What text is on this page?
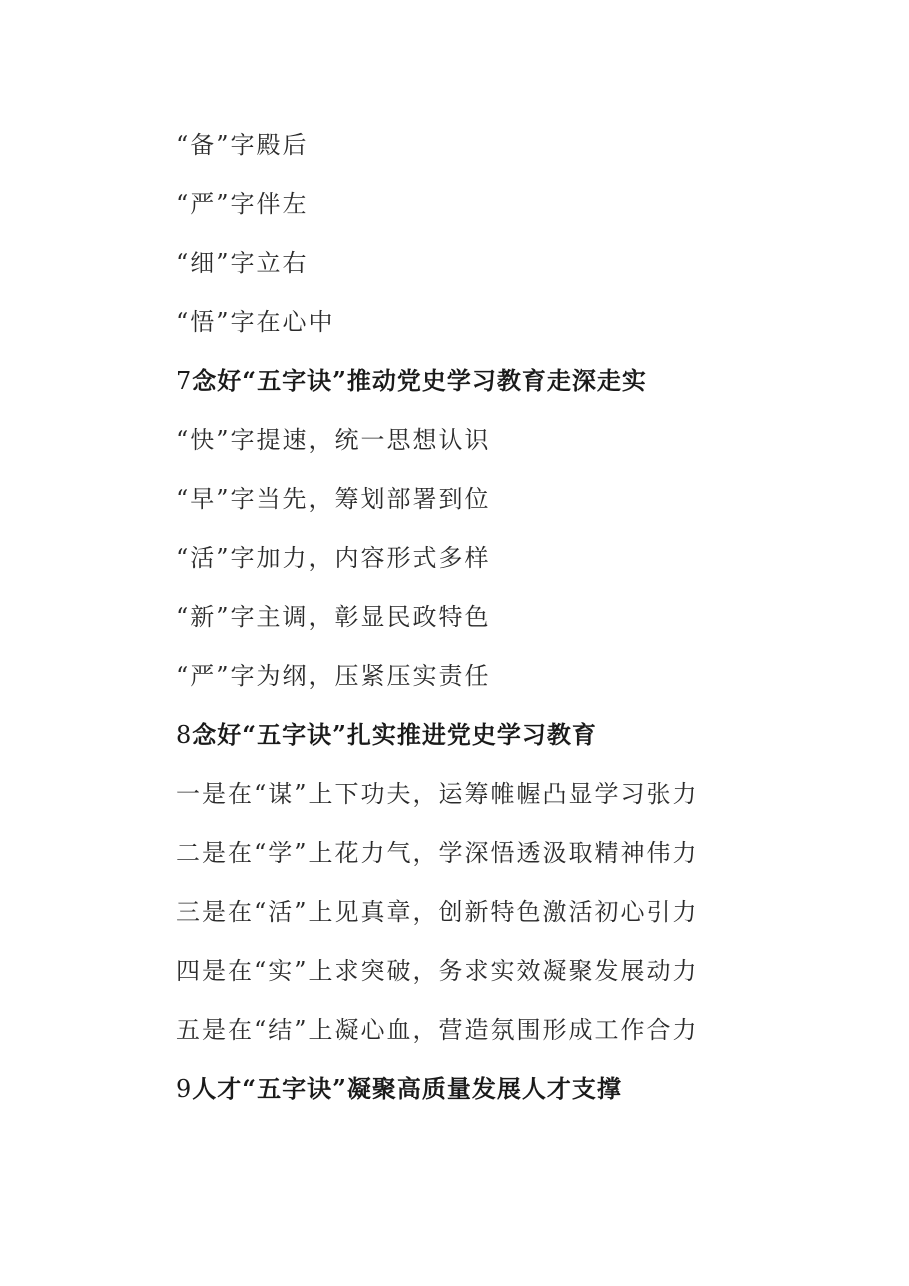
“备”字殿后
“严”字伴左
“细”字立右
“悟”字在心中
7念好“五字诀”推动党史学习教育走深走实
“快”字提速，统一思想认识
“早”字当先，筹划部署到位
“活”字加力，内容形式多样
“新”字主调，彰显民政特色
“严”字为纲，压紧压实责任
8念好“五字诀”扎实推进党史学习教育
一是在“谋”上下功夫，运筹帷幄凸显学习张力
二是在“学”上花力气，学深悟透汲取精神伟力
三是在“活”上见真章，创新特色激活初心引力
四是在“实”上求突破，务求实效凝聚发展动力
五是在“结”上凝心血，营造氛围形成工作合力
9人才“五字诀”凝聚高质量发展人才支撑
